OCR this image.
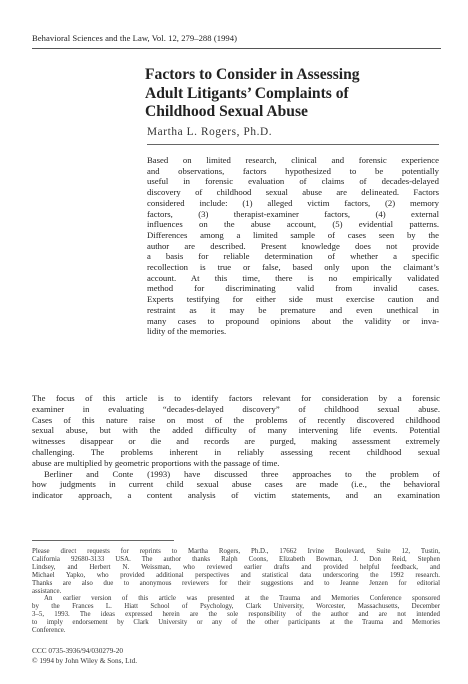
Behavioral Sciences and the Law, Vol. 12, 279–288 (1994)
Factors to Consider in Assessing
Adult Litigants’ Complaints of
Childhood Sexual Abuse
Martha L. Rogers, Ph.D.
Based on limited research, clinical and forensic experience
and observations, factors hypothesized to be potentially
useful in forensic evaluation of claims of decades-delayed
discovery of childhood sexual abuse are delineated. Factors
considered include: (1) alleged victim factors, (2) memory
factors, (3) therapist-examiner factors, (4) external
influences on the abuse account, (5) evidential patterns.
Differences among a limited sample of cases seen by the
author are described. Present knowledge does not provide
a basis for reliable determination of whether a specific
recollection is true or false, based only upon the claimant’s
account. At this time, there is no empirically validated
method for discriminating valid from invalid cases.
Experts testifying for either side must exercise caution and
restraint as it may be premature and even unethical in
many cases to propound opinions about the validity or inva-
lidity of the memories.
The focus of this article is to identify factors relevant for consideration by a forensic
examiner in evaluating “decades-delayed discovery” of childhood sexual abuse.
Cases of this nature raise on most of the problems of recently discovered childhood
sexual abuse, but with the added difficulty of many intervening life events. Potential
witnesses disappear or die and records are purged, making assessment extremely
challenging. The problems inherent in reliably assessing recent childhood sexual
abuse are multiplied by geometric proportions with the passage of time.
Berliner and Conte (1993) have discussed three approaches to the problem of
how judgments in current child sexual abuse cases are made (i.e., the behavioral
indicator approach, a content analysis of victim statements, and an examination
Please direct requests for reprints to Martha Rogers, Ph.D., 17662 Irvine Boulevard, Suite 12, Tustin,
California 92680-3133 USA. The author thanks Ralph Coons, Elizabeth Bowman, J. Don Reid, Stephen
Lindsey, and Herbert N. Weissman, who reviewed earlier drafts and provided helpful feedback, and
Michael Yapko, who provided additional perspectives and statistical data underscoring the 1992 research.
Thanks are also due to anonymous reviewers for their suggestions and to Jeanne Jenzen for editorial
assistance.
An earlier version of this article was presented at the Trauma and Memories Conference sponsored
by the Frances L. Hiatt School of Psychology, Clark University, Worcester, Massachusetts, December
3–5, 1993. The ideas expressed herein are the sole responsibility of the author and are not intended
to imply endorsement by Clark University or any of the other participants at the Trauma and Memories
Conference.
CCC 0735-3936/94/030279-20
© 1994 by John Wiley & Sons, Ltd.
